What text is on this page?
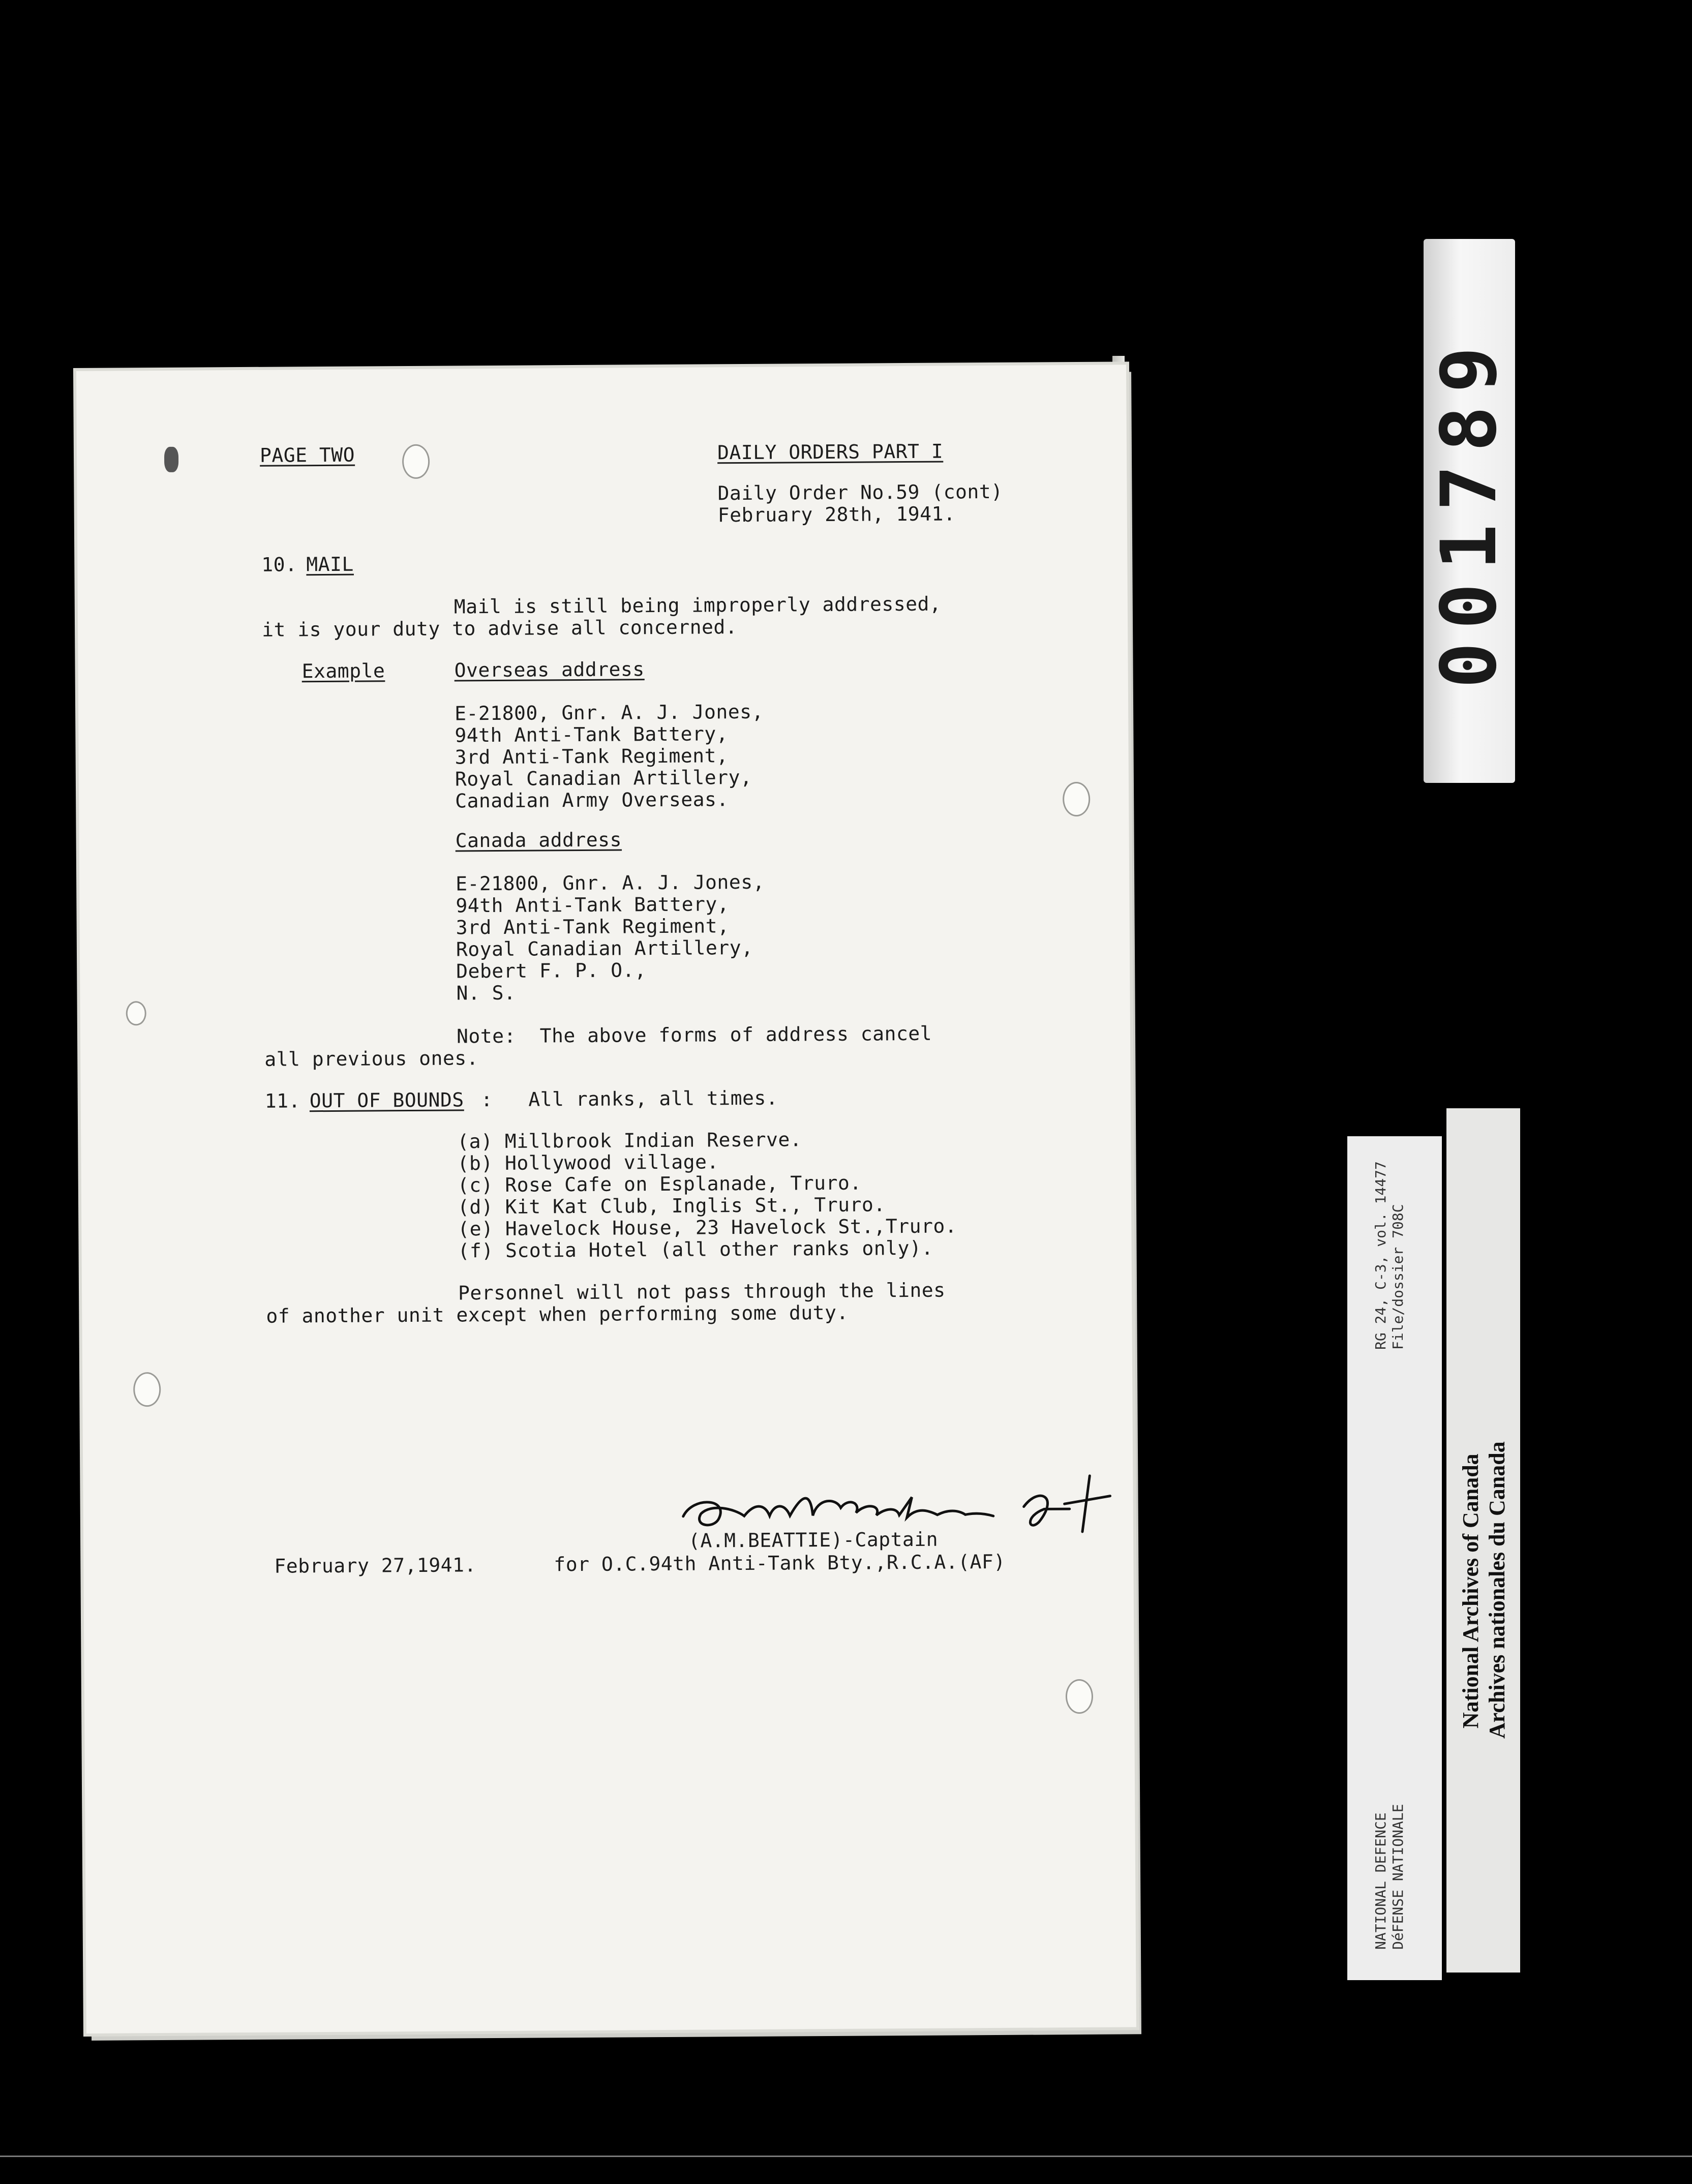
PAGE TWO	DAILY ORDERS PART I
Daily Order No.59 (cont)
February 28th, 1941.
10. MAIL
Mail is still being improperly addressed,
it is your duty to advise all concerned.
Example	Overseas address
E-21800, Gnr. A. J. Jones,
94th Anti-Tank Battery,
3rd Anti-Tank Regiment,
Royal Canadian Artillery,
Canadian Army Overseas.
Canada address
E-21800, Gnr. A. J. Jones,
94th Anti-Tank Battery,
3rd Anti-Tank Regiment,
Royal Canadian Artillery,
Debert F. P. O.,
N. S.
Note:  The above forms of address cancel
all previous ones.
11. OUT OF BOUNDS :   All ranks, all times.
(a) Millbrook Indian Reserve.
(b) Hollywood village.
(c) Rose Cafe on Esplanade, Truro.
(d) Kit Kat Club, Inglis St., Truro.
(e) Havelock House, 23 Havelock St.,Truro.
(f) Scotia Hotel (all other ranks only).
Personnel will not pass through the lines
of another unit except when performing some duty.
(A.M.BEATTIE)-Captain
February 27,1941.	for O.C.94th Anti-Tank Bty.,R.C.A.(AF)
001789
RG 24, C-3, vol. 14477 File/dossier 708C
NATIONAL DEFENCE DéFENSE NATIONALE
National Archives of Canada Archives nationales du Canada
